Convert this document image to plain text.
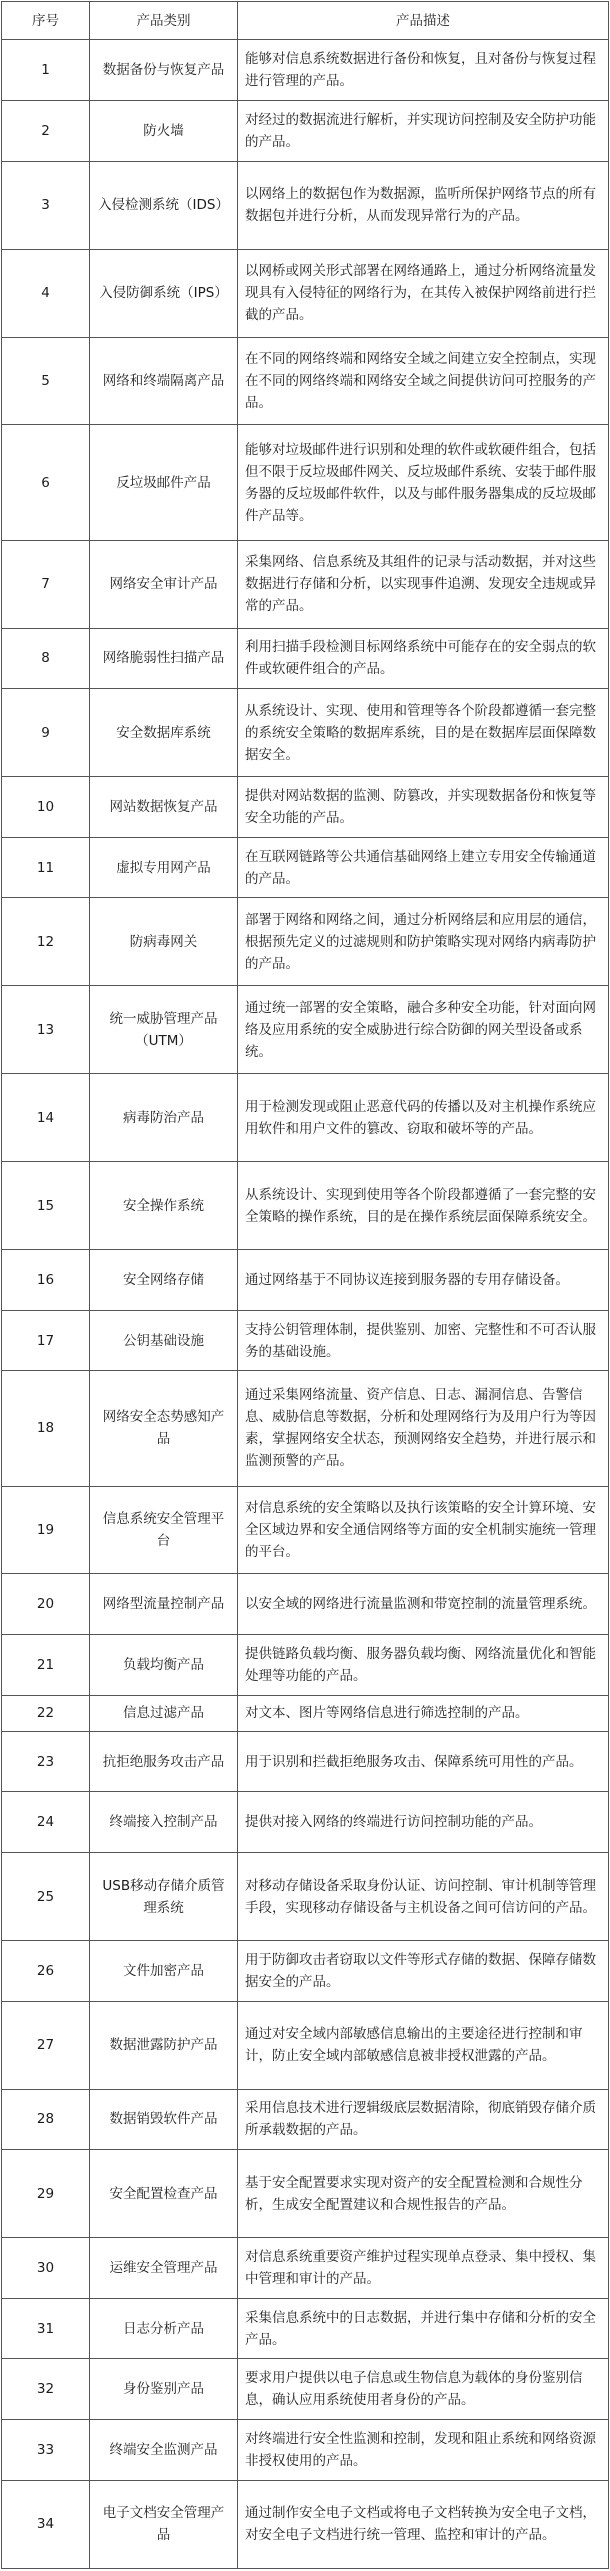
序号	产品类别	产品描述
1	数据备份与恢复产品	能够对信息系统数据进行备份和恢复，且对备份与恢复过程进行管理的产品。
2	防火墙	对经过的数据流进行解析，并实现访问控制及安全防护功能的产品。
3	入侵检测系统（IDS）	以网络上的数据包作为数据源，监听所保护网络节点的所有数据包并进行分析，从而发现异常行为的产品。
4	入侵防御系统（IPS）	以网桥或网关形式部署在网络通路上，通过分析网络流量发现具有入侵特征的网络行为，在其传入被保护网络前进行拦截的产品。
5	网络和终端隔离产品	在不同的网络终端和网络安全域之间建立安全控制点，实现在不同的网络终端和网络安全域之间提供访问可控服务的产品。
6	反垃圾邮件产品	能够对垃圾邮件进行识别和处理的软件或软硬件组合，包括但不限于反垃圾邮件网关、反垃圾邮件系统、安装于邮件服务器的反垃圾邮件软件，以及与邮件服务器集成的反垃圾邮件产品等。
7	网络安全审计产品	采集网络、信息系统及其组件的记录与活动数据，并对这些数据进行存储和分析，以实现事件追溯、发现安全违规或异常的产品。
8	网络脆弱性扫描产品	利用扫描手段检测目标网络系统中可能存在的安全弱点的软件或软硬件组合的产品。
9	安全数据库系统	从系统设计、实现、使用和管理等各个阶段都遵循一套完整的系统安全策略的数据库系统，目的是在数据库层面保障数据安全。
10	网站数据恢复产品	提供对网站数据的监测、防篡改，并实现数据备份和恢复等安全功能的产品。
11	虚拟专用网产品	在互联网链路等公共通信基础网络上建立专用安全传输通道的产品。
12	防病毒网关	部署于网络和网络之间，通过分析网络层和应用层的通信，根据预先定义的过滤规则和防护策略实现对网络内病毒防护的产品。
13	统一威胁管理产品（UTM）	通过统一部署的安全策略，融合多种安全功能，针对面向网络及应用系统的安全威胁进行综合防御的网关型设备或系统。
14	病毒防治产品	用于检测发现或阻止恶意代码的传播以及对主机操作系统应用软件和用户文件的篡改、窃取和破坏等的产品。
15	安全操作系统	从系统设计、实现到使用等各个阶段都遵循了一套完整的安全策略的操作系统，目的是在操作系统层面保障系统安全。
16	安全网络存储	通过网络基于不同协议连接到服务器的专用存储设备。
17	公钥基础设施	支持公钥管理体制，提供鉴别、加密、完整性和不可否认服务的基础设施。
18	网络安全态势感知产品	通过采集网络流量、资产信息、日志、漏洞信息、告警信息、威胁信息等数据，分析和处理网络行为及用户行为等因素，掌握网络安全状态，预测网络安全趋势，并进行展示和监测预警的产品。
19	信息系统安全管理平台	对信息系统的安全策略以及执行该策略的安全计算环境、安全区域边界和安全通信网络等方面的安全机制实施统一管理的平台。
20	网络型流量控制产品	以安全域的网络进行流量监测和带宽控制的流量管理系统。
21	负载均衡产品	提供链路负载均衡、服务器负载均衡、网络流量优化和智能处理等功能的产品。
22	信息过滤产品	对文本、图片等网络信息进行筛选控制的产品。
23	抗拒绝服务攻击产品	用于识别和拦截拒绝服务攻击、保障系统可用性的产品。
24	终端接入控制产品	提供对接入网络的终端进行访问控制功能的产品。
25	USB移动存储介质管理系统	对移动存储设备采取身份认证、访问控制、审计机制等管理手段，实现移动存储设备与主机设备之间可信访问的产品。
26	文件加密产品	用于防御攻击者窃取以文件等形式存储的数据、保障存储数据安全的产品。
27	数据泄露防护产品	通过对安全域内部敏感信息输出的主要途径进行控制和审计，防止安全域内部敏感信息被非授权泄露的产品。
28	数据销毁软件产品	采用信息技术进行逻辑级底层数据清除，彻底销毁存储介质所承载数据的产品。
29	安全配置检查产品	基于安全配置要求实现对资产的安全配置检测和合规性分析，生成安全配置建议和合规性报告的产品。
30	运维安全管理产品	对信息系统重要资产维护过程实现单点登录、集中授权、集中管理和审计的产品。
31	日志分析产品	采集信息系统中的日志数据，并进行集中存储和分析的安全产品。
32	身份鉴别产品	要求用户提供以电子信息或生物信息为载体的身份鉴别信息，确认应用系统使用者身份的产品。
33	终端安全监测产品	对终端进行安全性监测和控制，发现和阻止系统和网络资源非授权使用的产品。
34	电子文档安全管理产品	通过制作安全电子文档或将电子文档转换为安全电子文档，对安全电子文档进行统一管理、监控和审计的产品。
